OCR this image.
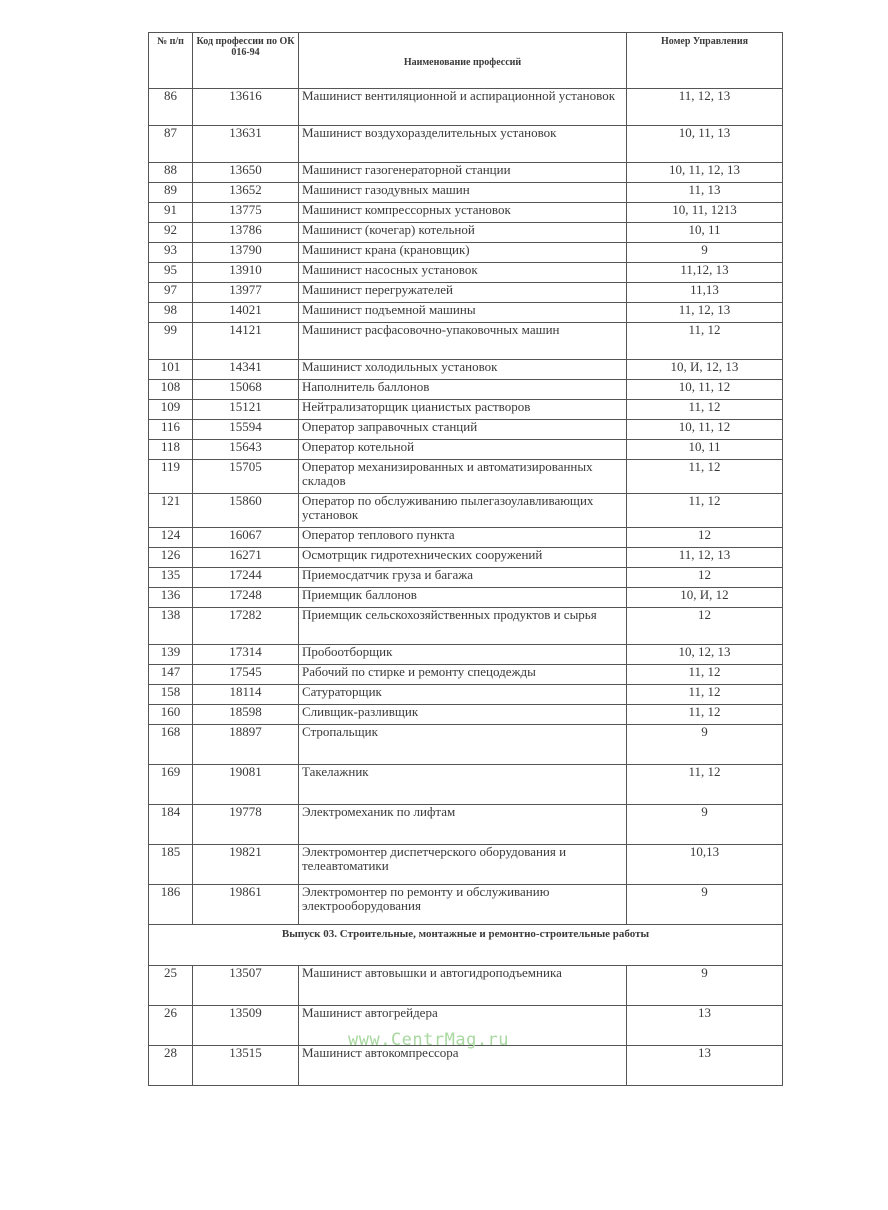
№ п/п	Код профессии по ОК 016-94	Наименование профессий	Номер Управления
86	13616	Машинист вентиляционной и аспирационной установок	11, 12, 13
87	13631	Машинист воздухоразделительных установок	10, 11, 13
88	13650	Машинист газогенераторной станции	10, 11, 12, 13
89	13652	Машинист газодувных машин	11, 13
91	13775	Машинист компрессорных установок	10, 11, 1213
92	13786	Машинист (кочегар) котельной	10, 11
93	13790	Машинист крана (крановщик)	9
95	13910	Машинист насосных установок	11,12, 13
97	13977	Машинист перегружателей	11,13
98	14021	Машинист подъемной машины	11, 12, 13
99	14121	Машинист расфасовочно-упаковочных машин	11, 12
101	14341	Машинист холодильных установок	10, И, 12, 13
108	15068	Наполнитель баллонов	10, 11, 12
109	15121	Нейтрализаторщик цианистых растворов	11, 12
116	15594	Оператор заправочных станций	10, 11, 12
118	15643	Оператор котельной	10, 11
119	15705	Оператор механизированных и автоматизированных складов	11, 12
121	15860	Оператор по обслуживанию пылегазоулавливающих установок	11, 12
124	16067	Оператор теплового пункта	12
126	16271	Осмотрщик гидротехнических сооружений	11, 12, 13
135	17244	Приемосдатчик груза и багажа	12
136	17248	Приемщик баллонов	10, И, 12
138	17282	Приемщик сельскохозяйственных продуктов и сырья	12
139	17314	Пробоотборщик	10, 12, 13
147	17545	Рабочий по стирке и ремонту спецодежды	11, 12
158	18114	Сатураторщик	11, 12
160	18598	Сливщик-разливщик	11, 12
168	18897	Стропальщик	9
169	19081	Такелажник	11, 12
184	19778	Электромеханик по лифтам	9
185	19821	Электромонтер диспетчерского оборудования и телеавтоматики	10,13
186	19861	Электромонтер по ремонту и обслуживанию электрооборудования	9
Выпуск 03. Строительные, монтажные и ремонтно-строительные работы			
25	13507	Машинист автовышки и автогидроподъемника	9
26	13509	Машинист автогрейдера	13
28	13515	Машинист автокомпрессора	13
www.CentrMag.ru
